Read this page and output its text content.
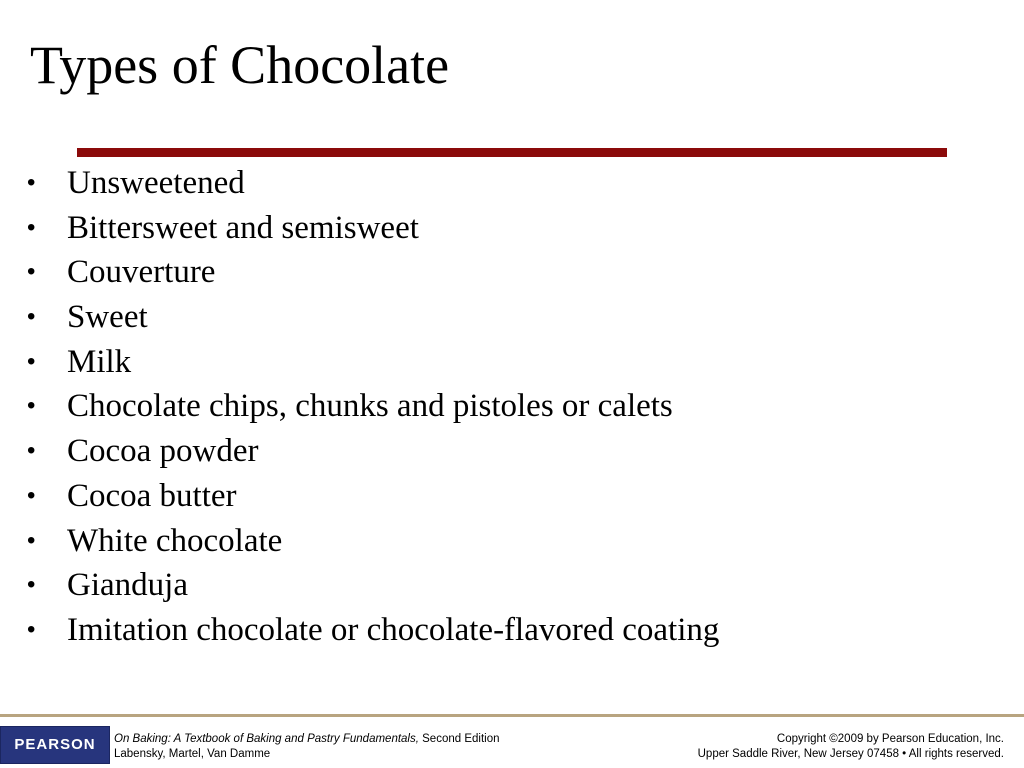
Types of Chocolate
• Unsweetened
• Bittersweet and semisweet
• Couverture
• Sweet
• Milk
• Chocolate chips, chunks and pistoles or calets
• Cocoa powder
• Cocoa butter
• White chocolate
• Gianduja
• Imitation chocolate or chocolate-flavored coating
PEARSON	On Baking: A Textbook of Baking and Pastry Fundamentals, Second Edition
Labensky, Martel, Van Damme
Copyright ©2009 by Pearson Education, Inc.
Upper Saddle River, New Jersey 07458 • All rights reserved.
